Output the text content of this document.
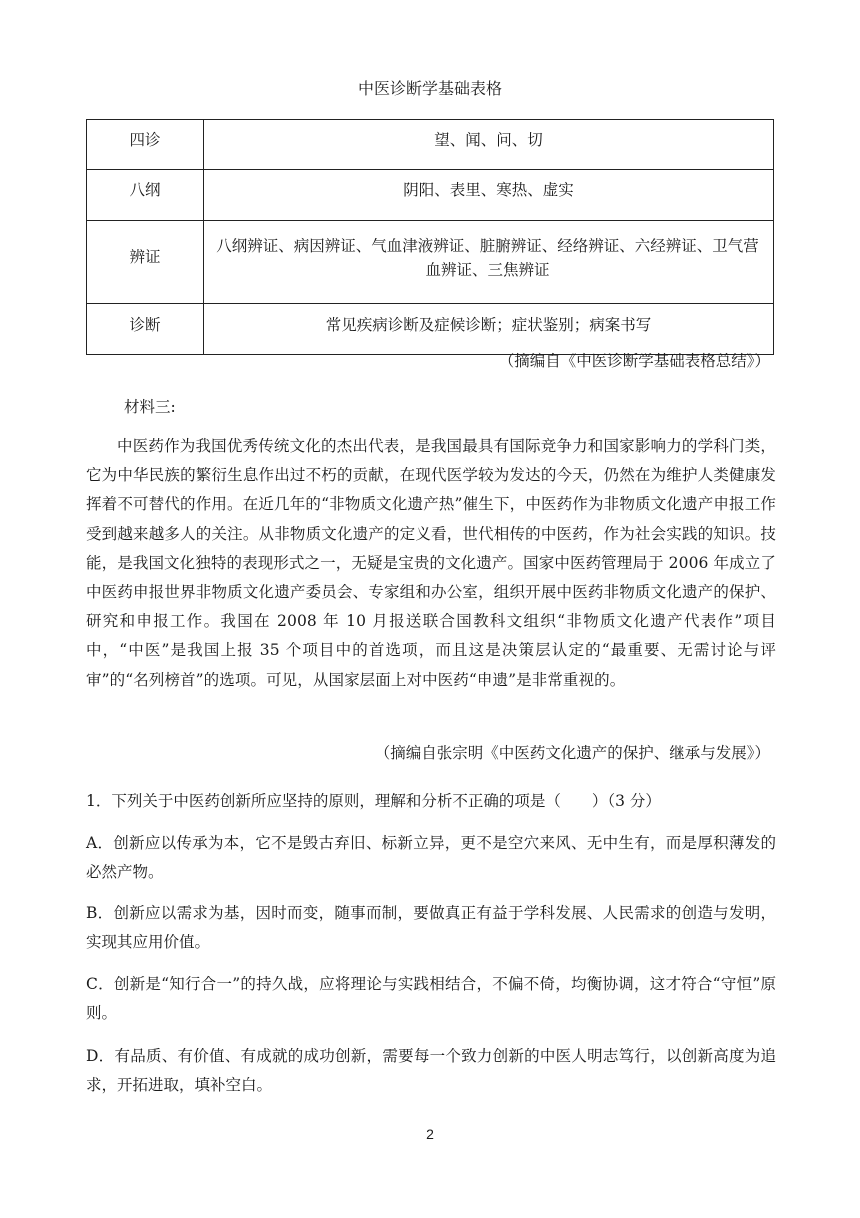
中医诊断学基础表格
四诊	望、闻、问、切

八纲	阴阳、表里、寒热、虚实

辨证	八纲辨证、病因辨证、气血津液辨证、脏腑辨证、经络辨证、六经辨证、卫气营血辨证、三焦辨证

诊断	常见疾病诊断及症候诊断；症状鉴别；病案书写
（摘编自《中医诊断学基础表格总结》）
材料三:
中医药作为我国优秀传统文化的杰出代表，是我国最具有国际竞争力和国家影响力的学科门类，它为中华民族的繁衍生息作出过不朽的贡献，在现代医学较为发达的今天，仍然在为维护人类健康发挥着不可替代的作用。在近几年的“非物质文化遗产热”催生下，中医药作为非物质文化遗产申报工作受到越来越多人的关注。从非物质文化遗产的定义看，世代相传的中医药，作为社会实践的知识。技能，是我国文化独特的表现形式之一，无疑是宝贵的文化遗产。国家中医药管理局于 2006 年成立了中医药申报世界非物质文化遗产委员会、专家组和办公室，组织开展中医药非物质文化遗产的保护、研究和申报工作。我国在 2008 年 10 月报送联合国教科文组织“非物质文化遗产代表作”项目中，“中医”是我国上报 35 个项目中的首选项，而且这是决策层认定的“最重要、无需讨论与评审”的“名列榜首”的选项。可见，从国家层面上对中医药“申遗”是非常重视的。
（摘编自张宗明《中医药文化遗产的保护、继承与发展》）
1．下列关于中医药创新所应坚持的原则，理解和分析不正确的项是（　　）（3 分）
A．创新应以传承为本，它不是毁古弃旧、标新立异，更不是空穴来风、无中生有，而是厚积薄发的必然产物。
B．创新应以需求为基，因时而变，随事而制，要做真正有益于学科发展、人民需求的创造与发明，实现其应用价值。
C．创新是“知行合一”的持久战，应将理论与实践相结合，不偏不倚，均衡协调，这才符合“守恒”原则。
D．有品质、有价值、有成就的成功创新，需要每一个致力创新的中医人明志笃行，以创新高度为追求，开拓进取，填补空白。
2
